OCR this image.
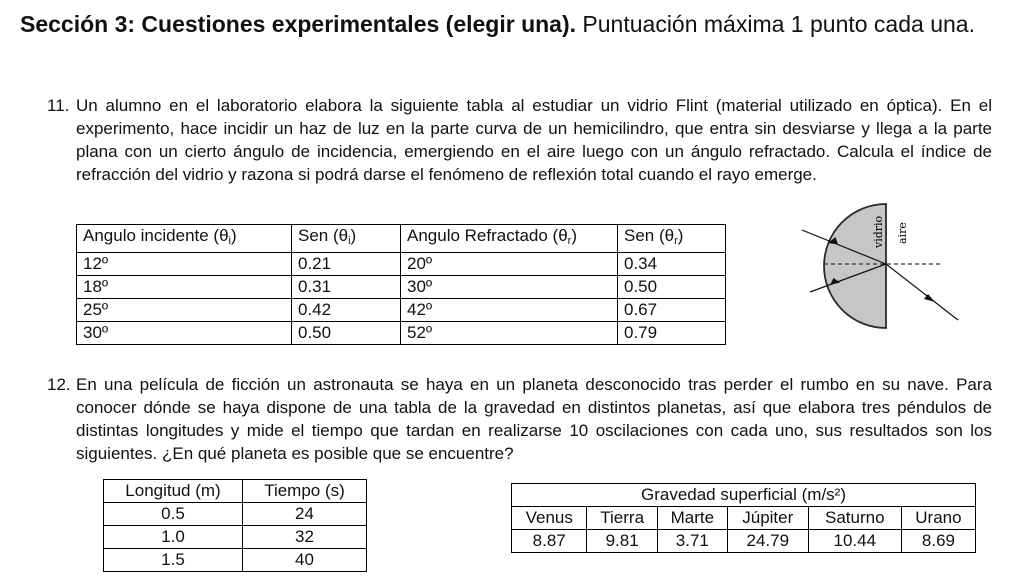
Sección 3: Cuestiones experimentales (elegir una). Puntuación máxima 1 punto cada una.
11. Un alumno en el laboratorio elabora la siguiente tabla al estudiar un vidrio Flint (material utilizado en óptica). En el experimento, hace incidir un haz de luz en la parte curva de un hemicilindro, que entra sin desviarse y llega a la parte plana con un cierto ángulo de incidencia, emergiendo en el aire luego con un ángulo refractado. Calcula el índice de refracción del vidrio y razona si podrá darse el fenómeno de reflexión total cuando el rayo emerge.
Angulo incidente $(\theta_i)$	Sen $(\theta_i)$	Angulo Refractado $(\theta_r)$	Sen $(\theta_r)$
12º	0.21	20º	0.34
18º	0.31	30º	0.50
25º	0.42	42º	0.67
30º	0.50	52º	0.79
vidrio aire
12. En una película de ficción un astronauta se haya en un planeta desconocido tras perder el rumbo en su nave. Para conocer dónde se haya dispone de una tabla de la gravedad en distintos planetas, así que elabora tres péndulos de distintas longitudes y mide el tiempo que tardan en realizarse 10 oscilaciones con cada uno, sus resultados son los siguientes. ¿En qué planeta es posible que se encuentre?
Longitud (m)	Tiempo (s)
0.5	24
1.0	32
1.5	40
Gravedad superficial (m/s²)					
Venus	Tierra	Marte	Júpiter	Saturno	Urano
8.87	9.81	3.71	24.79	10.44	8.69
